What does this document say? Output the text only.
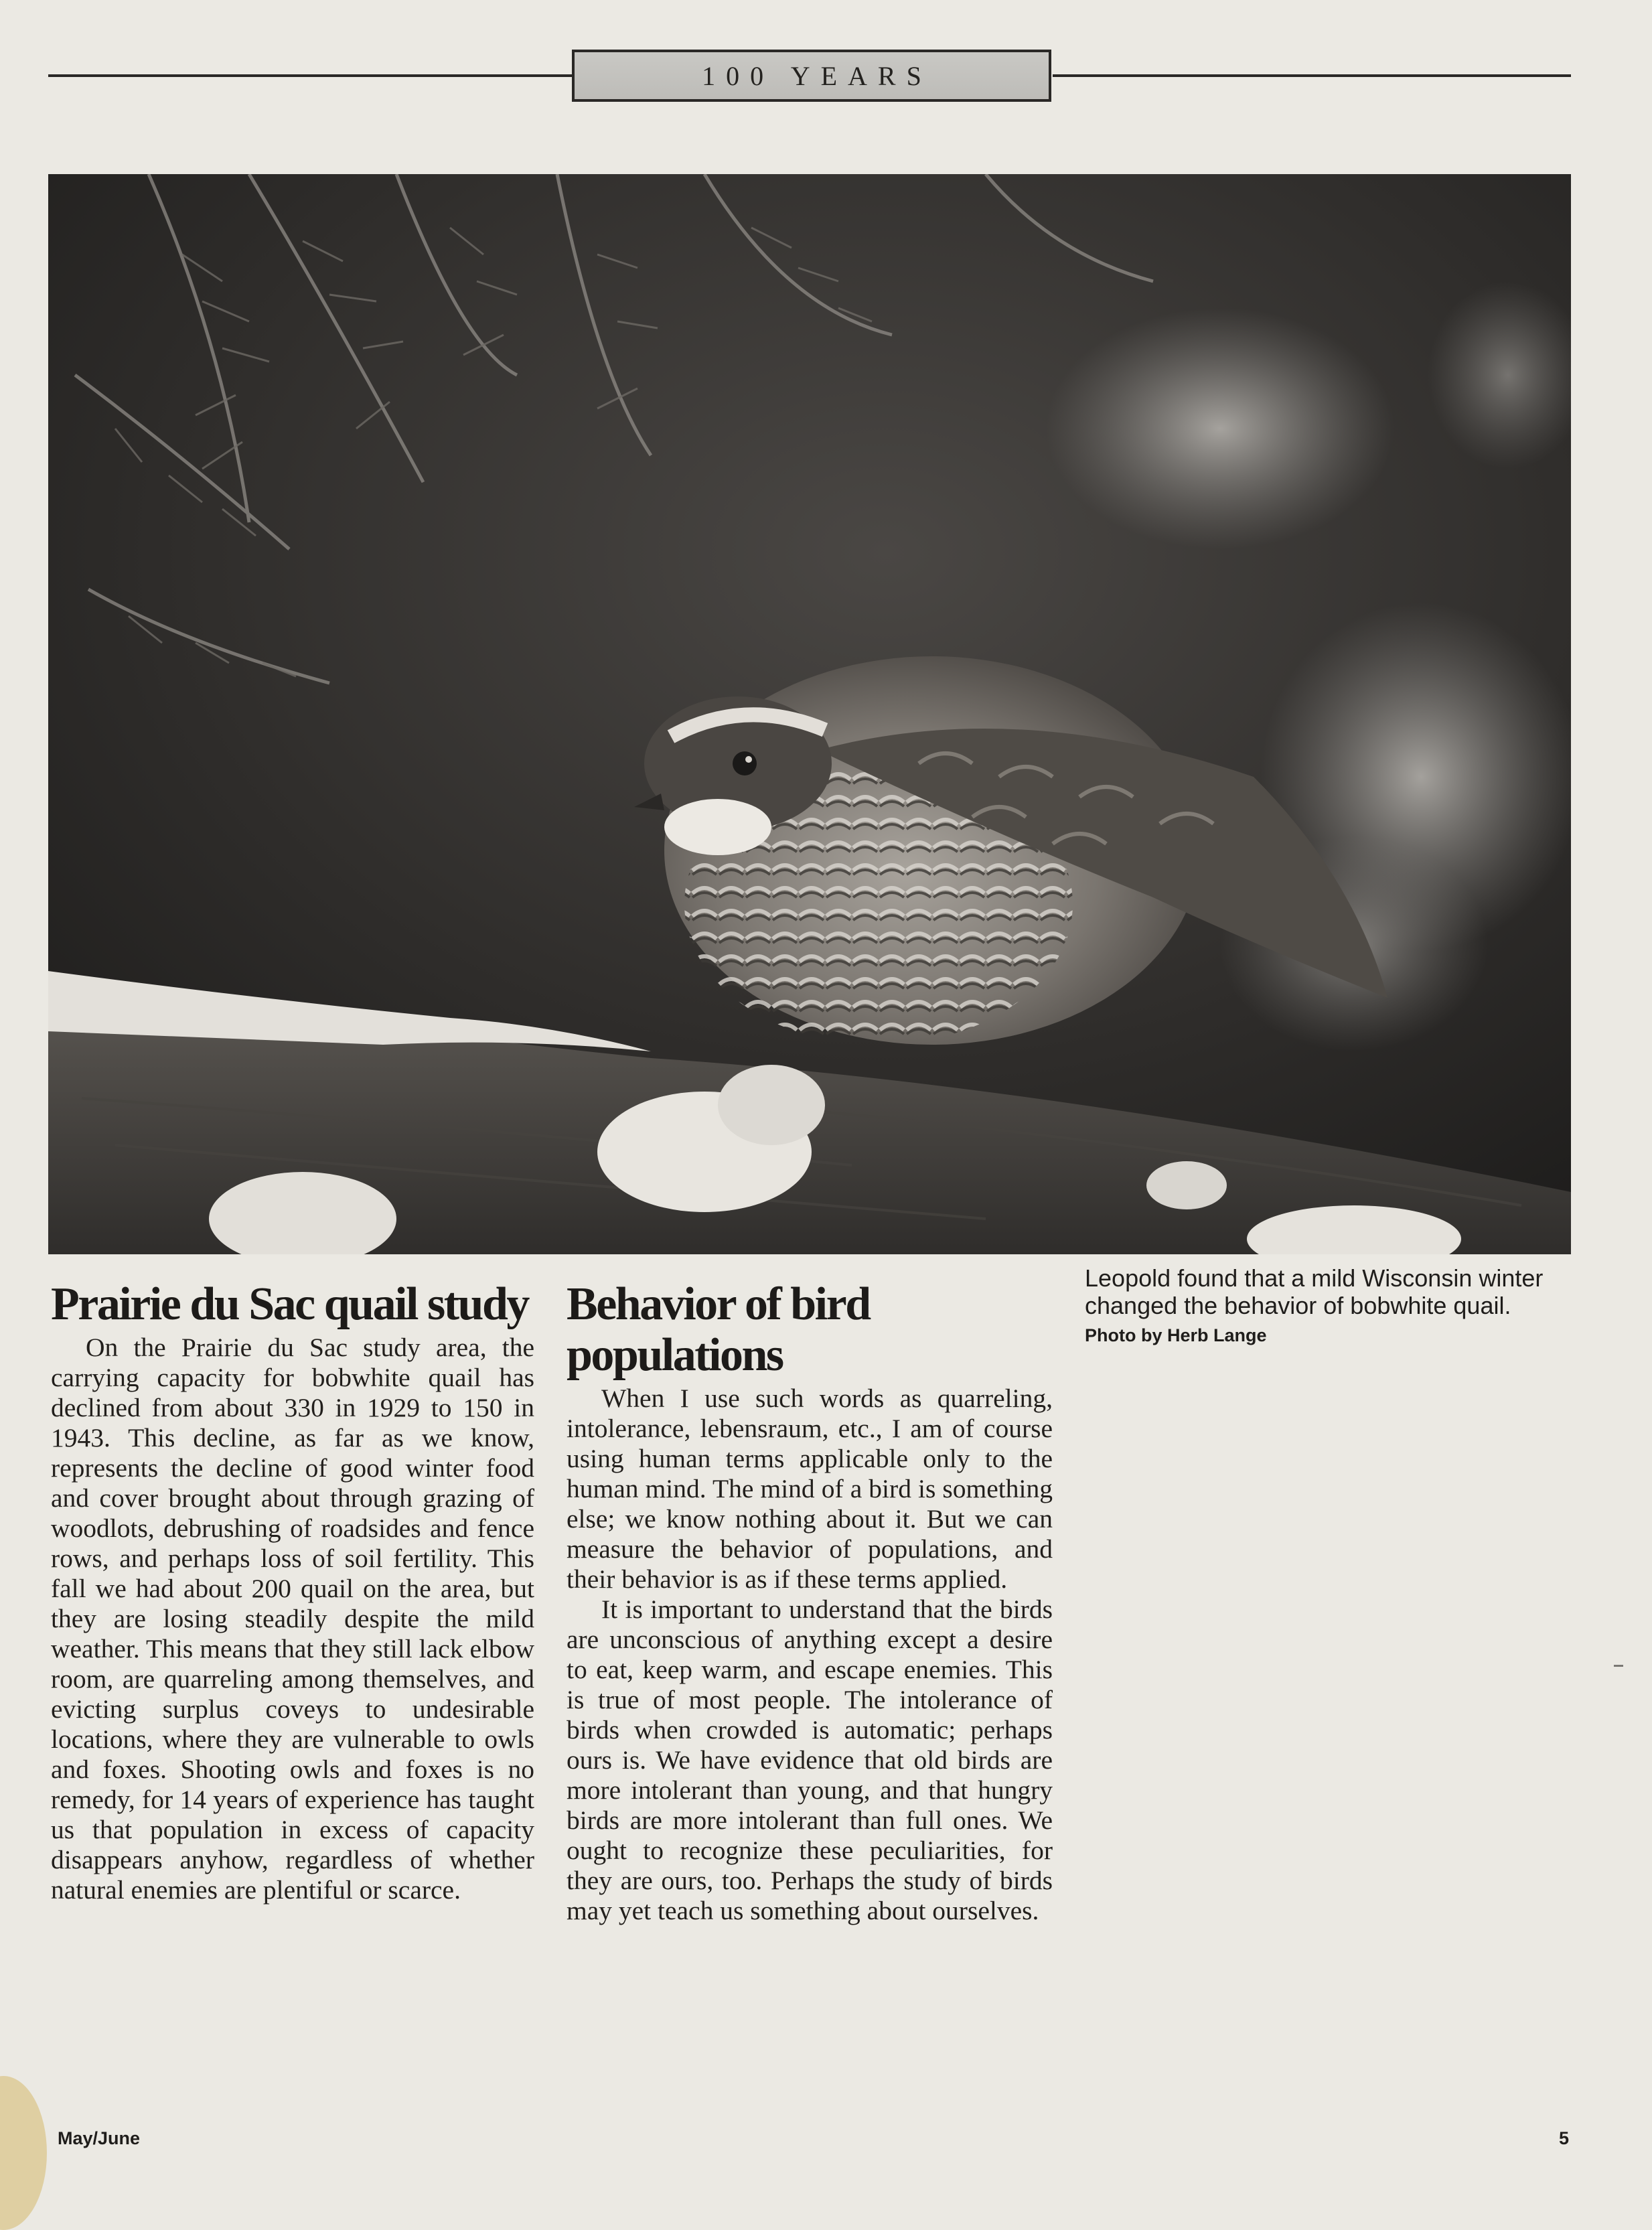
100 YEARS
Prairie du Sac quail study

On the Prairie du Sac study area, the carrying capacity for bobwhite quail has declined from about 330 in 1929 to 150 in 1943. This decline, as far as we know, represents the decline of good winter food and cover brought about through grazing of woodlots, debrushing of roadsides and fence rows, and perhaps loss of soil fertility. This fall we had about 200 quail on the area, but they are losing steadily despite the mild weather. This means that they still lack elbow room, are quarreling among themselves, and evicting surplus coveys to undesirable locations, where they are vulnerable to owls and foxes. Shooting owls and foxes is no remedy, for 14 years of experience has taught us that population in excess of capacity disappears anyhow, regardless of whether natural enemies are plentiful or scarce.

Behavior of bird populations

When I use such words as quarreling, intolerance, lebensraum, etc., I am of course using human terms applicable only to the human mind. The mind of a bird is something else; we know nothing about it. But we can measure the behavior of populations, and their behavior is as if these terms applied.

It is important to understand that the birds are unconscious of anything except a desire to eat, keep warm, and escape enemies. This is true of most people. The intolerance of birds when crowded is automatic; perhaps ours is. We have evidence that old birds are more intolerant than young, and that hungry birds are more intolerant than full ones. We ought to recognize these peculiarities, for they are ours, too. Perhaps the study of birds may yet teach us something about ourselves.

Leopold found that a mild Wisconsin winter changed the behavior of bobwhite quail. Photo by Herb Lange

May/June	5
